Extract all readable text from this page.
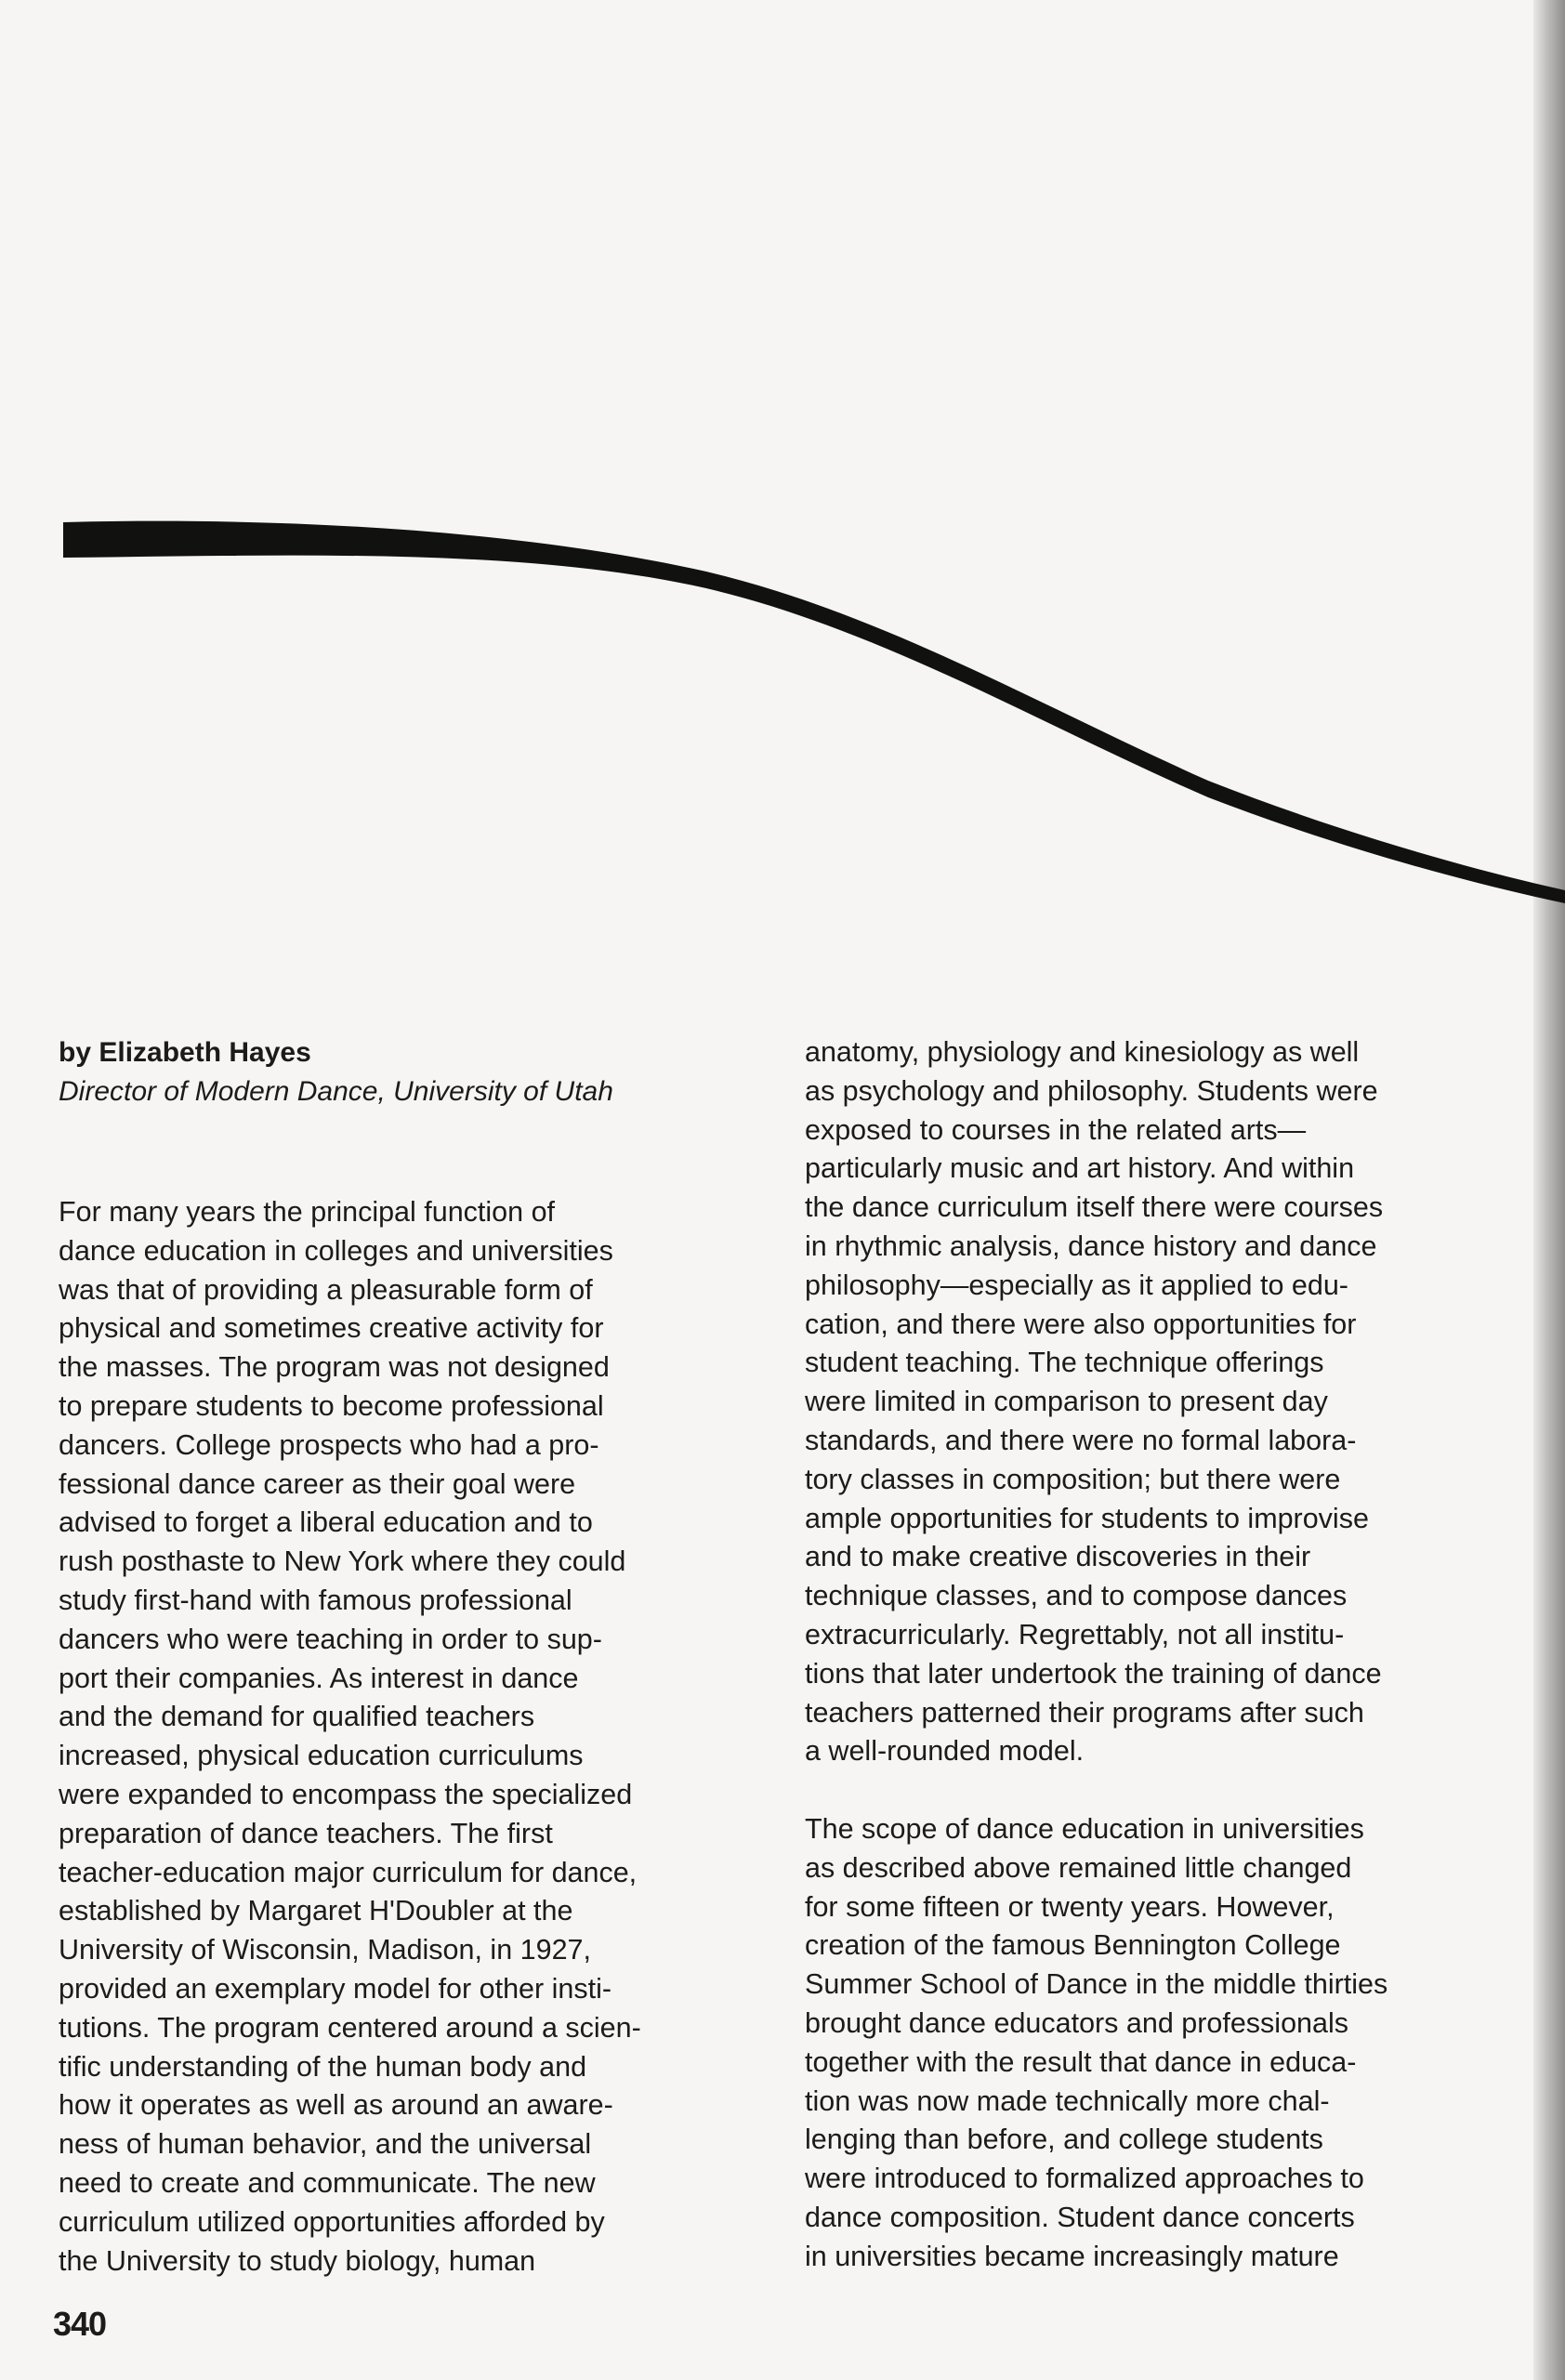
by Elizabeth Hayes

Director of Modern Dance, University of Utah

For many years the principal function of
dance education in colleges and universities
was that of providing a pleasurable form of
physical and sometimes creative activity for
the masses. The program was not designed
to prepare students to become professional
dancers. College prospects who had a pro-
fessional dance career as their goal were
advised to forget a liberal education and to
rush posthaste to New York where they could
study first-hand with famous professional
dancers who were teaching in order to sup-
port their companies. As interest in dance
and the demand for qualified teachers
increased, physical education curriculums
were expanded to encompass the specialized
preparation of dance teachers. The first
teacher-education major curriculum for dance,
established by Margaret H'Doubler at the
University of Wisconsin, Madison, in 1927,
provided an exemplary model for other insti-
tutions. The program centered around a scien-
tific understanding of the human body and
how it operates as well as around an aware-
ness of human behavior, and the universal
need to create and communicate. The new
curriculum utilized opportunities afforded by
the University to study biology, human

anatomy, physiology and kinesiology as well
as psychology and philosophy. Students were
exposed to courses in the related arts—
particularly music and art history. And within
the dance curriculum itself there were courses
in rhythmic analysis, dance history and dance
philosophy—especially as it applied to edu-
cation, and there were also opportunities for
student teaching. The technique offerings
were limited in comparison to present day
standards, and there were no formal labora-
tory classes in composition; but there were
ample opportunities for students to improvise
and to make creative discoveries in their
technique classes, and to compose dances
extracurricularly. Regrettably, not all institu-
tions that later undertook the training of dance
teachers patterned their programs after such
a well-rounded model.

The scope of dance education in universities
as described above remained little changed
for some fifteen or twenty years. However,
creation of the famous Bennington College
Summer School of Dance in the middle thirties
brought dance educators and professionals
together with the result that dance in educa-
tion was now made technically more chal-
lenging than before, and college students
were introduced to formalized approaches to
dance composition. Student dance concerts
in universities became increasingly mature

340
